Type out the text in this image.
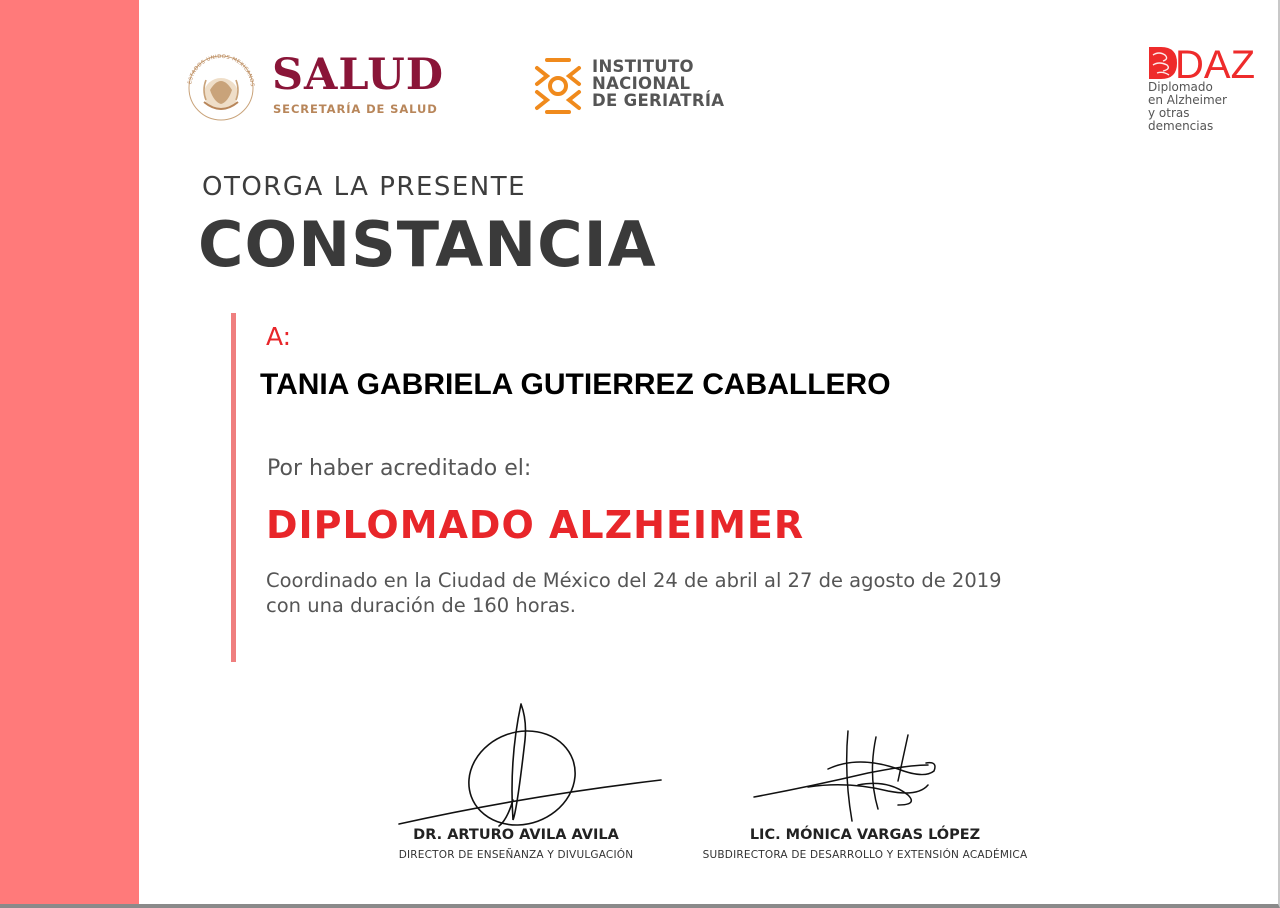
ESTADOS UNIDOS MEXICANOS SALUD
SECRETARÍA DE SALUD
INSTITUTO
NACIONAL
DE GERIATRÍA
DAZ
Diplomado
en Alzheimer
y otras
demencias
OTORGA LA PRESENTE
CONSTANCIA
A:
TANIA GABRIELA GUTIERREZ CABALLERO
Por haber acreditado el:
DIPLOMADO ALZHEIMER
Coordinado en la Ciudad de México del 24 de abril al 27 de agosto de 2019
con una duración de 160 horas.
DR. ARTURO AVILA AVILA
DIRECTOR DE ENSEÑANZA Y DIVULGACIÓN
LIC. MÓNICA VARGAS LÓPEZ
SUBDIRECTORA DE DESARROLLO Y EXTENSIÓN ACADÉMICA
